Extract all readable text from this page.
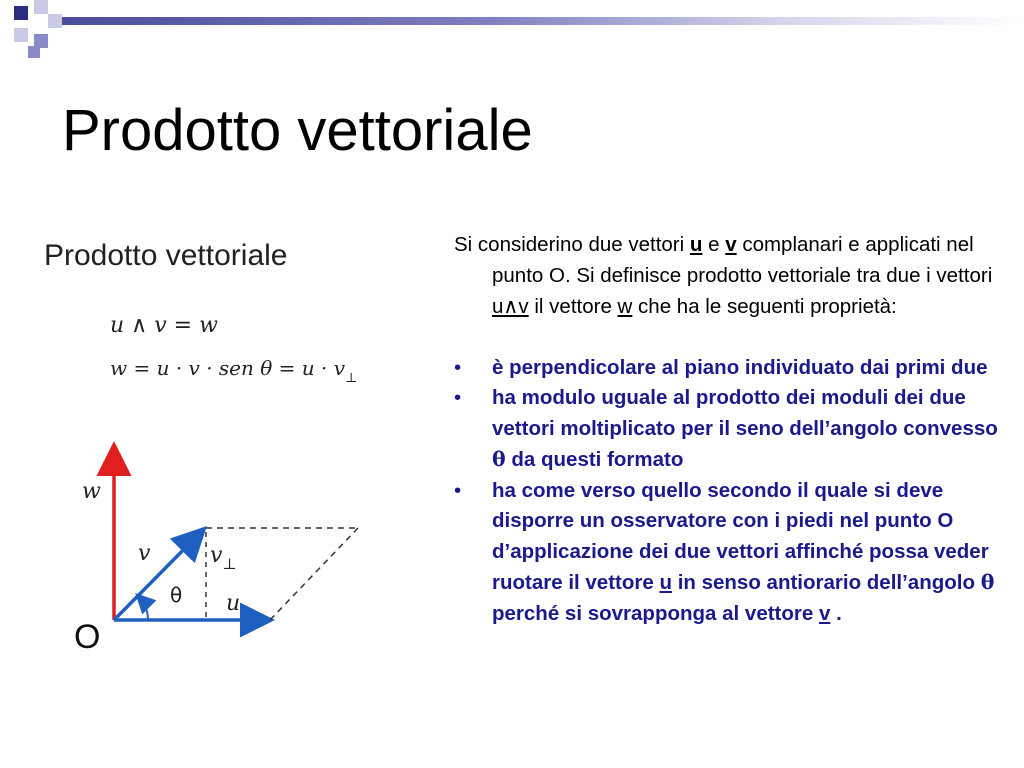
Prodotto vettoriale
Prodotto vettoriale
u ∧ v = w
w = u · v · sen $\theta = u \cdot v_\perp$
w
v	$v_\perp$
θ u
O

Si considerino due vettori u e v complanari e applicati nel punto O. Si definisce prodotto vettoriale tra due i vettori u∧v il vettore w che ha le seguenti proprietà:

• è perpendicolare al piano individuato dai primi due

• ha modulo uguale al prodotto dei moduli dei due vettori moltiplicato per il seno dell’angolo convesso θ da questi formato

• ha come verso quello secondo il quale si deve disporre un osservatore con i piedi nel punto O d’applicazione dei due vettori affinché possa veder ruotare il vettore u in senso antiorario dell’angolo θ perché si sovrapponga al vettore v .
